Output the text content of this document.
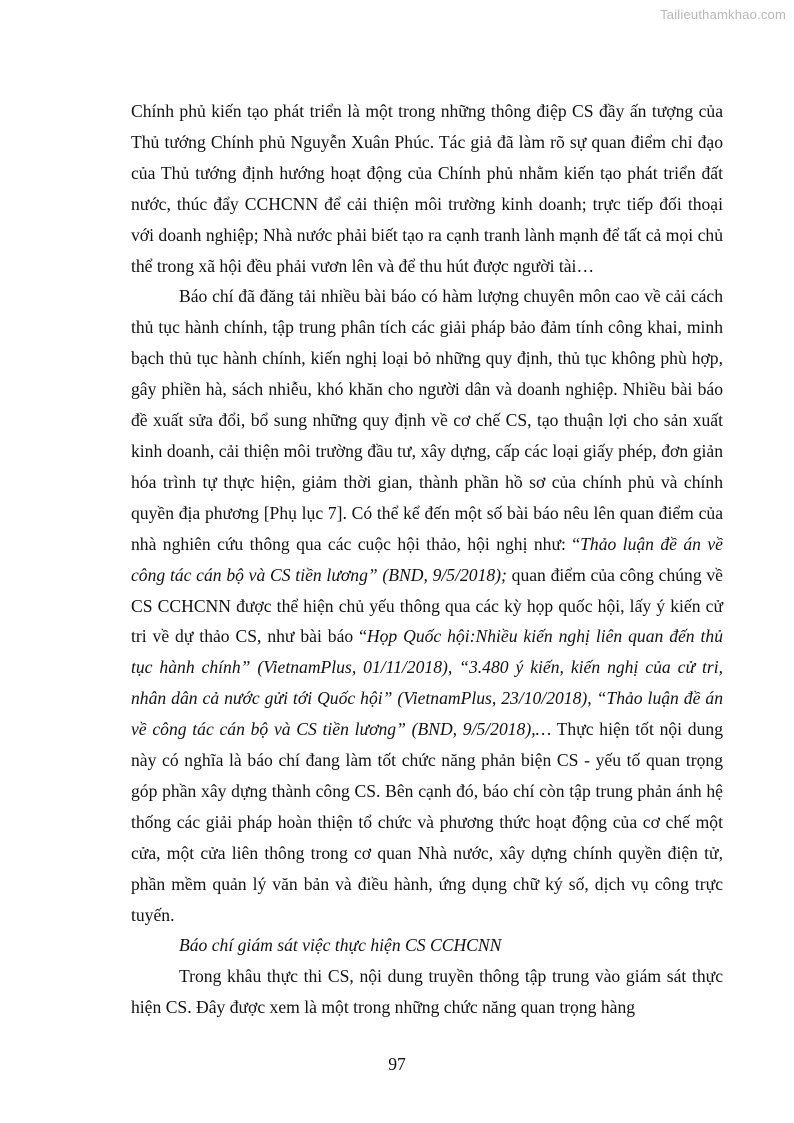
Tailieuthamkhao.com

Chính phủ kiến tạo phát triển là một trong những thông điệp CS đầy ấn tượng của Thủ tướng Chính phủ Nguyễn Xuân Phúc. Tác giả đã làm rõ sự quan điểm chỉ đạo của Thủ tướng định hướng hoạt động của Chính phủ nhằm kiến tạo phát triển đất nước, thúc đẩy CCHCNN để cải thiện môi trường kinh doanh; trực tiếp đối thoại với doanh nghiệp; Nhà nước phải biết tạo ra cạnh tranh lành mạnh để tất cả mọi chủ thể trong xã hội đều phải vươn lên và để thu hút được người tài…

Báo chí đã đăng tải nhiều bài báo có hàm lượng chuyên môn cao về cải cách thủ tục hành chính, tập trung phân tích các giải pháp bảo đảm tính công khai, minh bạch thủ tục hành chính, kiến nghị loại bỏ những quy định, thủ tục không phù hợp, gây phiền hà, sách nhiễu, khó khăn cho người dân và doanh nghiệp. Nhiều bài báo đề xuất sửa đổi, bổ sung những quy định về cơ chế CS, tạo thuận lợi cho sản xuất kinh doanh, cải thiện môi trường đầu tư, xây dựng, cấp các loại giấy phép, đơn giản hóa trình tự thực hiện, giảm thời gian, thành phần hồ sơ của chính phủ và chính quyền địa phương [Phụ lục 7]. Có thể kể đến một số bài báo nêu lên quan điểm của nhà nghiên cứu thông qua các cuộc hội thảo, hội nghị như: “Thảo luận đề án về công tác cán bộ và CS tiền lương” (BND, 9/5/2018); quan điểm của công chúng về CS CCHCNN được thể hiện chủ yếu thông qua các kỳ họp quốc hội, lấy ý kiến cử tri về dự thảo CS, như bài báo “Họp Quốc hội:Nhiều kiến nghị liên quan đến thủ tục hành chính” (VietnamPlus, 01/11/2018), “3.480 ý kiến, kiến nghị của cử tri, nhân dân cả nước gửi tới Quốc hội” (VietnamPlus, 23/10/2018), “Thảo luận đề án về công tác cán bộ và CS tiền lương” (BND, 9/5/2018),… Thực hiện tốt nội dung này có nghĩa là báo chí đang làm tốt chức năng phản biện CS - yếu tố quan trọng góp phần xây dựng thành công CS. Bên cạnh đó, báo chí còn tập trung phản ánh hệ thống các giải pháp hoàn thiện tổ chức và phương thức hoạt động của cơ chế một cửa, một cửa liên thông trong cơ quan Nhà nước, xây dựng chính quyền điện tử, phần mềm quản lý văn bản và điều hành, ứng dụng chữ ký số, dịch vụ công trực tuyến.

Báo chí giám sát việc thực hiện CS CCHCNN

Trong khâu thực thi CS, nội dung truyền thông tập trung vào giám sát thực hiện CS. Đây được xem là một trong những chức năng quan trọng hàng

97
